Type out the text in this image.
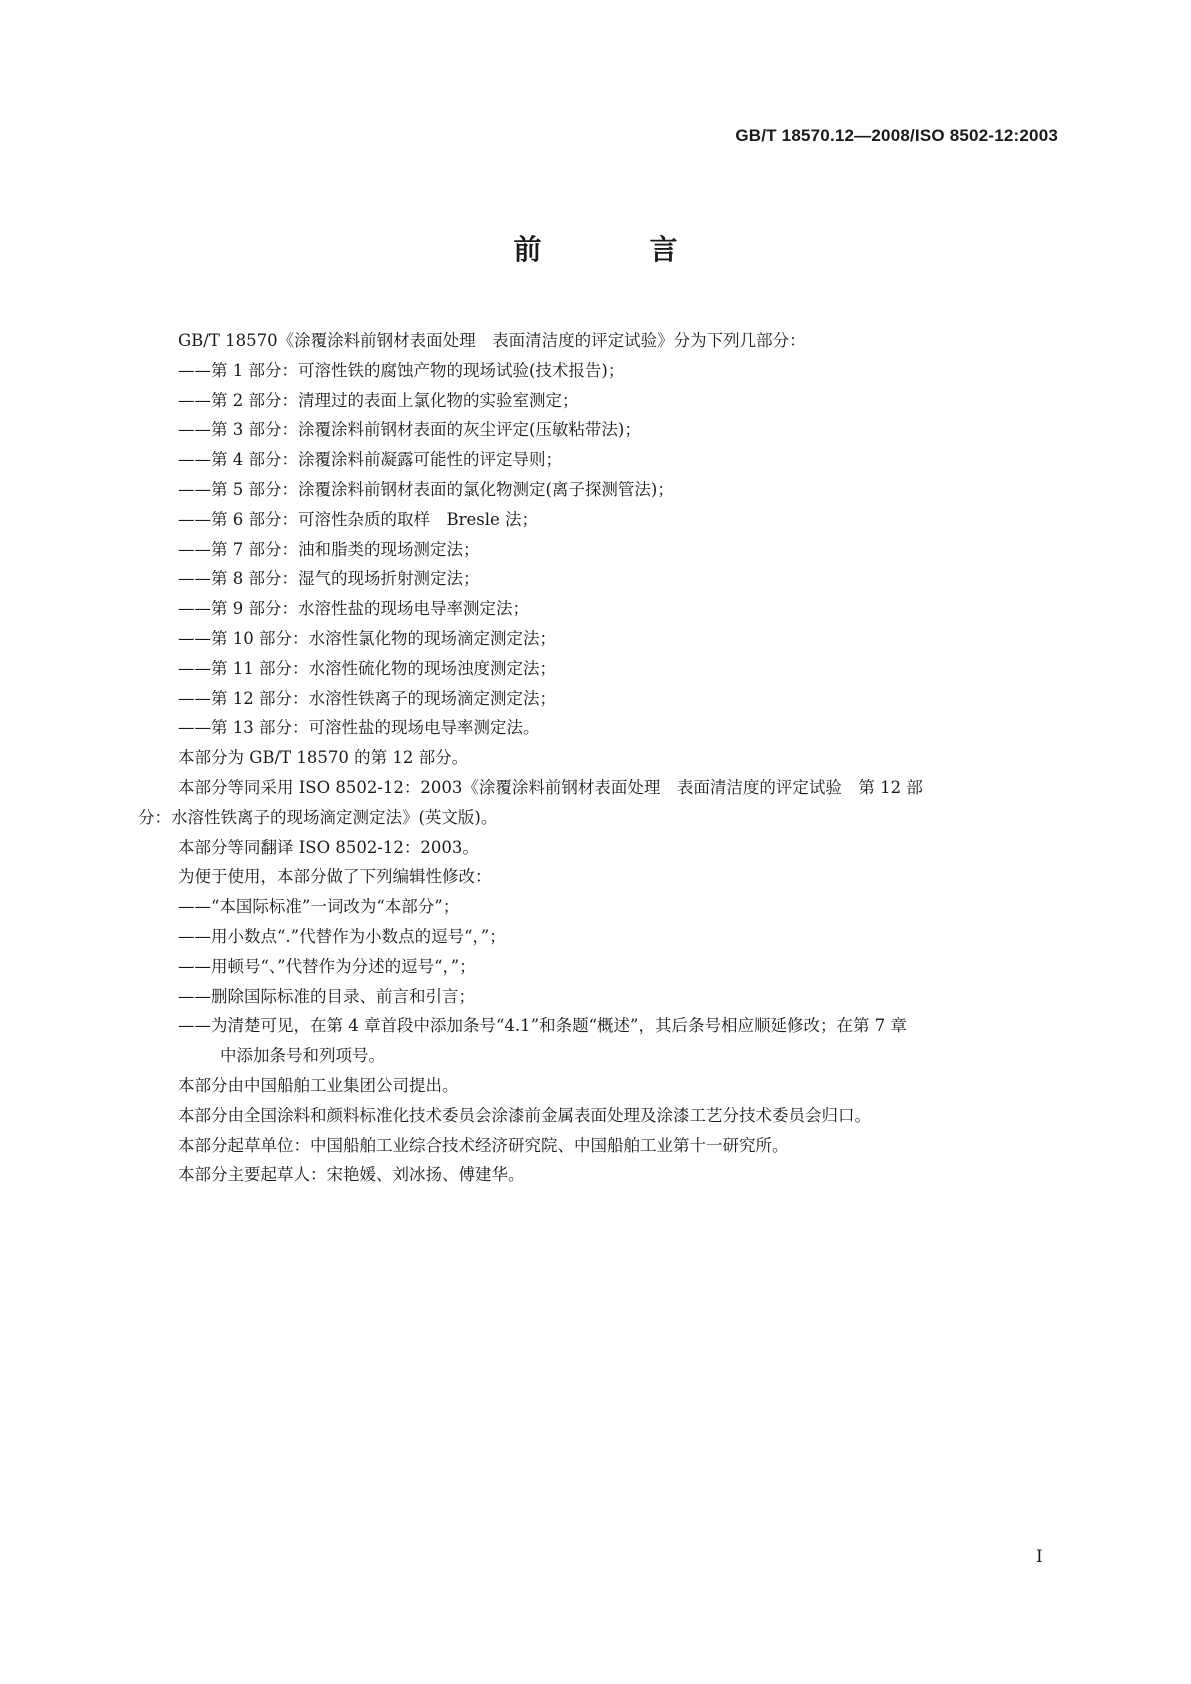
GB/T 18570.12—2008/ISO 8502-12:2003
前　言

GB/T 18570《涂覆涂料前钢材表面处理　表面清洁度的评定试验》分为下列几部分：

——第 1 部分：可溶性铁的腐蚀产物的现场试验(技术报告)；

——第 2 部分：清理过的表面上氯化物的实验室测定；

——第 3 部分：涂覆涂料前钢材表面的灰尘评定(压敏粘带法)；

——第 4 部分：涂覆涂料前凝露可能性的评定导则；

——第 5 部分：涂覆涂料前钢材表面的氯化物测定(离子探测管法)；

——第 6 部分：可溶性杂质的取样　Bresle 法；

——第 7 部分：油和脂类的现场测定法；

——第 8 部分：湿气的现场折射测定法；

——第 9 部分：水溶性盐的现场电导率测定法；

——第 10 部分：水溶性氯化物的现场滴定测定法；

——第 11 部分：水溶性硫化物的现场浊度测定法；

——第 12 部分：水溶性铁离子的现场滴定测定法；

——第 13 部分：可溶性盐的现场电导率测定法。

本部分为 GB/T 18570 的第 12 部分。

本部分等同采用 ISO 8502-12：2003《涂覆涂料前钢材表面处理　表面清洁度的评定试验　第 12 部

分：水溶性铁离子的现场滴定测定法》(英文版)。

本部分等同翻译 ISO 8502-12：2003。

为便于使用，本部分做了下列编辑性修改：

——“本国际标准”一词改为“本部分”；

——用小数点“.”代替作为小数点的逗号“，”；

——用顿号“、”代替作为分述的逗号“，”；

——删除国际标准的目录、前言和引言；

——为清楚可见，在第 4 章首段中添加条号“4.1”和条题“概述”，其后条号相应顺延修改；在第 7 章

中添加条号和列项号。

本部分由中国船舶工业集团公司提出。

本部分由全国涂料和颜料标准化技术委员会涂漆前金属表面处理及涂漆工艺分技术委员会归口。

本部分起草单位：中国船舶工业综合技术经济研究院、中国船舶工业第十一研究所。

本部分主要起草人：宋艳媛、刘冰扬、傅建华。

I
